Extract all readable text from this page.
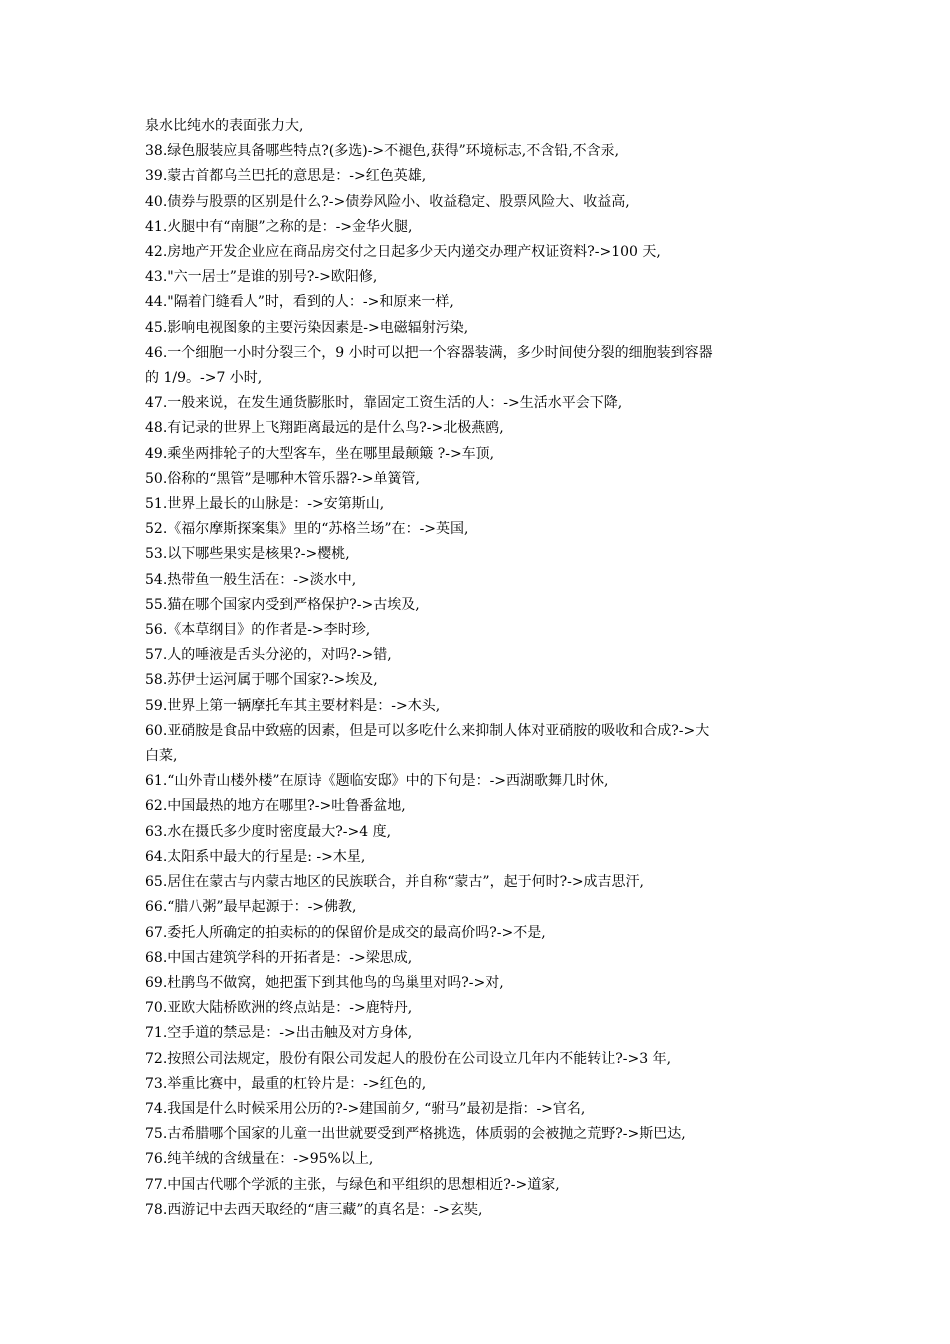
泉水比纯水的表面张力大,
38.绿色服装应具备哪些特点?(多选)->不褪色,获得”环境标志,不含铅,不含汞,
39.蒙古首都乌兰巴托的意思是：->红色英雄,
40.债券与股票的区别是什么?->债券风险小、收益稳定、股票风险大、收益高,
41.火腿中有“南腿”之称的是：->金华火腿,
42.房地产开发企业应在商品房交付之日起多少天内递交办理产权证资料?->100 天,
43."六一居士”是谁的别号?->欧阳修,
44."隔着门缝看人”时，看到的人：->和原来一样,
45.影响电视图象的主要污染因素是->电磁辐射污染,
46.一个细胞一小时分裂三个，9 小时可以把一个容器装满，多少时间使分裂的细胞装到容器
的 1/9。->7 小时,
47.一般来说，在发生通货膨胀时，靠固定工资生活的人：->生活水平会下降,
48.有记录的世界上飞翔距离最远的是什么鸟?->北极燕鸥,
49.乘坐两排轮子的大型客车，坐在哪里最颠簸 ?->车顶,
50.俗称的“黑管”是哪种木管乐器?->单簧管,
51.世界上最长的山脉是：->安第斯山,
52.《福尔摩斯探案集》里的“苏格兰场”在：->英国,
53.以下哪些果实是核果?->樱桃,
54.热带鱼一般生活在：->淡水中,
55.猫在哪个国家内受到严格保护?->古埃及,
56.《本草纲目》的作者是->李时珍,
57.人的唾液是舌头分泌的，对吗?->错,
58.苏伊士运河属于哪个国家?->埃及,
59.世界上第一辆摩托车其主要材料是：->木头,
60.亚硝胺是食品中致癌的因素，但是可以多吃什么来抑制人体对亚硝胺的吸收和合成?->大
白菜,
61.“山外青山楼外楼”在原诗《题临安邸》中的下句是：->西湖歌舞几时休,
62.中国最热的地方在哪里?->吐鲁番盆地,
63.水在摄氏多少度时密度最大?->4 度,
64.太阳系中最大的行星是: ->木星,
65.居住在蒙古与内蒙古地区的民族联合，并自称“蒙古”，起于何时?->成吉思汗,
66.“腊八粥”最早起源于：->佛教,
67.委托人所确定的拍卖标的的保留价是成交的最高价吗?->不是,
68.中国古建筑学科的开拓者是：->梁思成,
69.杜鹃鸟不做窝，她把蛋下到其他鸟的鸟巢里对吗?->对,
70.亚欧大陆桥欧洲的终点站是：->鹿特丹,
71.空手道的禁忌是：->出击触及对方身体,
72.按照公司法规定，股份有限公司发起人的股份在公司设立几年内不能转让?->3 年,
73.举重比赛中，最重的杠铃片是：->红色的,
74.我国是什么时候采用公历的?->建国前夕, “驸马”最初是指：->官名,
75.古希腊哪个国家的儿童一出世就要受到严格挑选，体质弱的会被抛之荒野?->斯巴达,
76.纯羊绒的含绒量在：->95%以上,
77.中国古代哪个学派的主张，与绿色和平组织的思想相近?->道家,
78.西游记中去西天取经的“唐三藏”的真名是：->玄奘,
